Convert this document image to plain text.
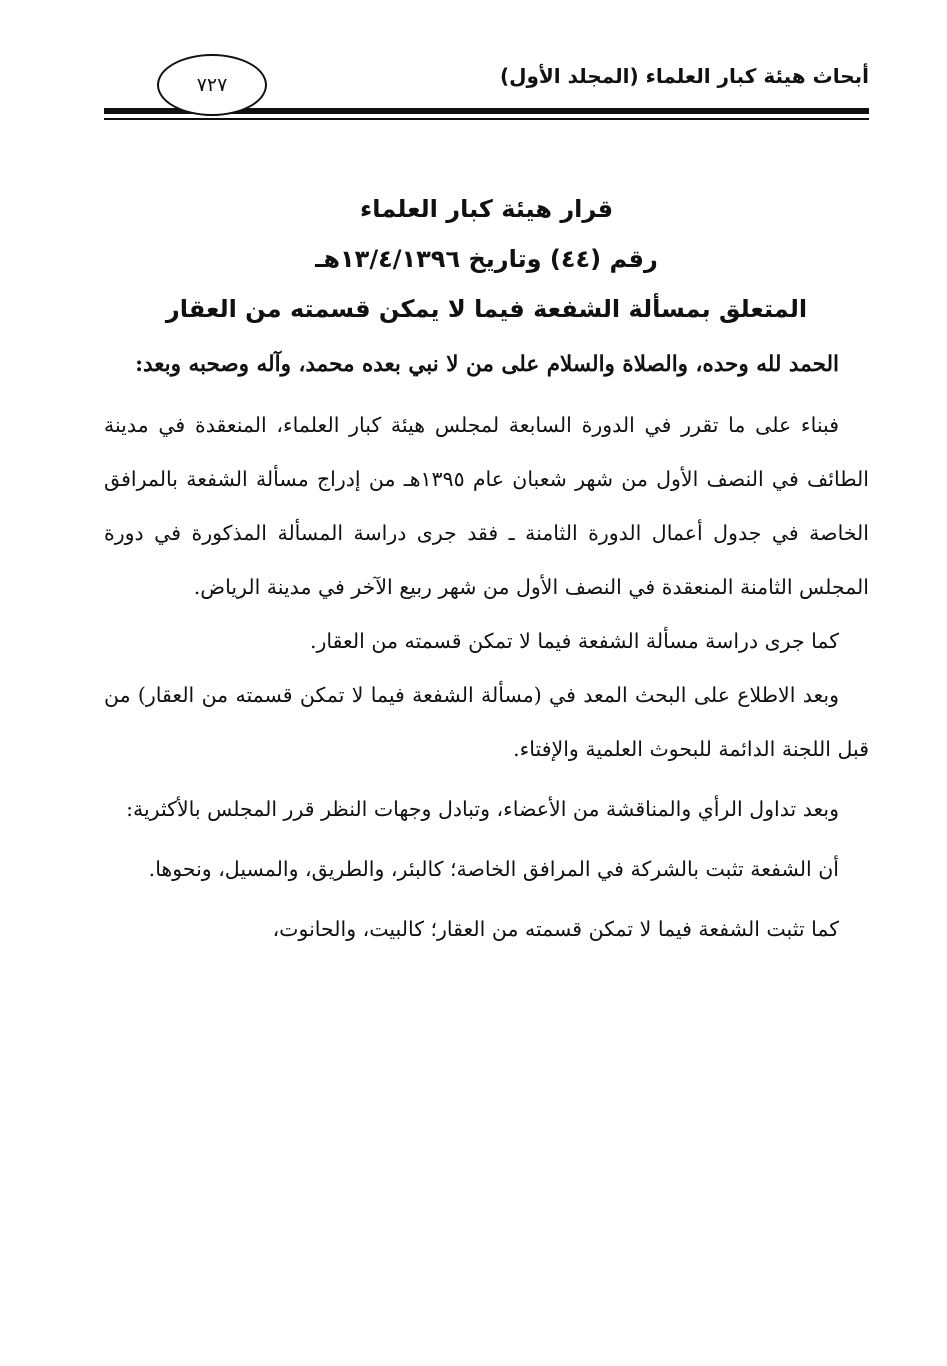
أبحاث هيئة كبار العلماء (المجلد الأول)
٧٢٧
قرار هيئة كبار العلماء
رقم (٤٤) وتاريخ ١٣/٤/١٣٩٦هـ
المتعلق بمسألة الشفعة فيما لا يمكن قسمته من العقار

الحمد لله وحده، والصلاة والسلام على من لا نبي بعده محمد، وآله وصحبه وبعد:

فبناء على ما تقرر في الدورة السابعة لمجلس هيئة كبار العلماء، المنعقدة في مدينة الطائف في النصف الأول من شهر شعبان عام ١٣٩٥هـ من إدراج مسألة الشفعة بالمرافق الخاصة في جدول أعمال الدورة الثامنة ـ فقد جرى دراسة المسألة المذكورة في دورة المجلس الثامنة المنعقدة في النصف الأول من شهر ربيع الآخر في مدينة الرياض.

كما جرى دراسة مسألة الشفعة فيما لا تمكن قسمته من العقار.

وبعد الاطلاع على البحث المعد في (مسألة الشفعة فيما لا تمكن قسمته من العقار) من قبل اللجنة الدائمة للبحوث العلمية والإفتاء.

وبعد تداول الرأي والمناقشة من الأعضاء، وتبادل وجهات النظر قرر المجلس بالأكثرية:

أن الشفعة تثبت بالشركة في المرافق الخاصة؛ كالبئر، والطريق، والمسيل، ونحوها.

كما تثبت الشفعة فيما لا تمكن قسمته من العقار؛ كالبيت، والحانوت،
